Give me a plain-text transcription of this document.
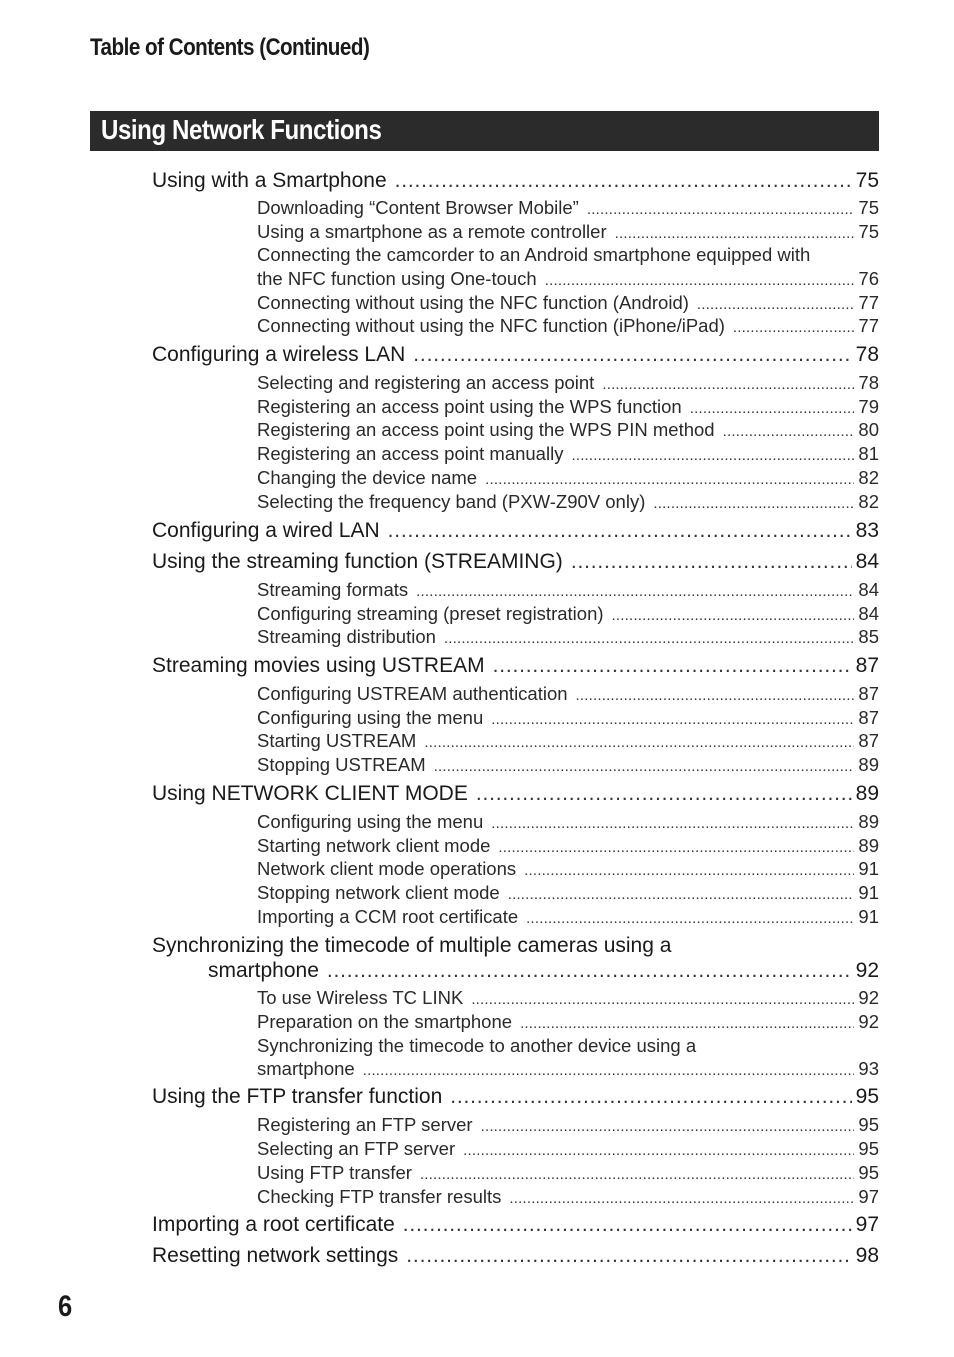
Table of Contents (Continued)
Using Network Functions
Using with a Smartphone .....	75
Downloading “Content Browser Mobile” .....	75
Using a smartphone as a remote controller .....	75
Connecting the camcorder to an Android smartphone equipped with
the NFC function using One-touch .....	76
Connecting without using the NFC function (Android) .....	77
Connecting without using the NFC function (iPhone/iPad) .....	77
Configuring a wireless LAN .....	78
Selecting and registering an access point .....	78
Registering an access point using the WPS function .....	79
Registering an access point using the WPS PIN method .....	80
Registering an access point manually .....	81
Changing the device name .....	82
Selecting the frequency band (PXW-Z90V only) .....	82
Configuring a wired LAN .....	83
Using the streaming function (STREAMING) .....	84
Streaming formats .....	84
Configuring streaming (preset registration) .....	84
Streaming distribution .....	85
Streaming movies using USTREAM .....	87
Configuring USTREAM authentication .....	87
Configuring using the menu .....	87
Starting USTREAM .....	87
Stopping USTREAM .....	89
Using NETWORK CLIENT MODE .....	89
Configuring using the menu .....	89
Starting network client mode .....	89
Network client mode operations .....	91
Stopping network client mode .....	91
Importing a CCM root certificate .....	91
Synchronizing the timecode of multiple cameras using a
smartphone .....	92
To use Wireless TC LINK .....	92
Preparation on the smartphone .....	92
Synchronizing the timecode to another device using a
smartphone .....	93
Using the FTP transfer function .....	95
Registering an FTP server .....	95
Selecting an FTP server .....	95
Using FTP transfer .....	95
Checking FTP transfer results .....	97
Importing a root certificate .....	97
Resetting network settings .....	98
6
